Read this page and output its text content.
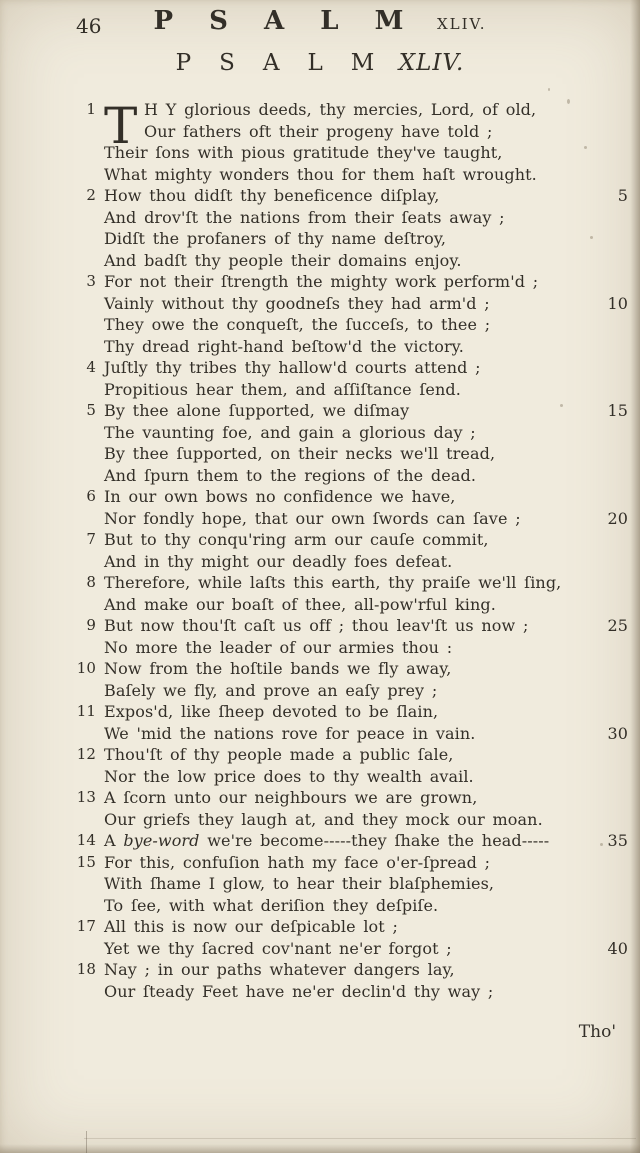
46	P S A L M XLIV.
P S A L M XLIV.
T
1	H Y glorious deeds, thy mercies, Lord, of old,
Our fathers oft their progeny have told ;
Their ſons with pious gratitude they've taught,
What mighty wonders thou for them haſt wrought.
2 How thou didſt thy beneficence diſplay,	5
And drov'ſt the nations from their ſeats away ;
Didſt the profaners of thy name deſtroy,
And badſt thy people their domains enjoy.
3 For not their ſtrength the mighty work perform'd ;
Vainly without thy goodneſs they had arm'd ;	10
They owe the conqueſt, the ſucceſs, to thee ;
Thy dread right-hand beſtow'd the victory.
4 Juſtly thy tribes thy hallow'd courts attend ;
Propitious hear them, and aſſiſtance ſend.
5 By thee alone ſupported, we diſmay	15
The vaunting foe, and gain a glorious day ;
By thee ſupported, on their necks we'll tread,
And ſpurn them to the regions of the dead.
6 In our own bows no confidence we have,
Nor fondly hope, that our own ſwords can ſave ;	20
7 But to thy conqu'ring arm our cauſe commit,
And in thy might our deadly foes defeat.
8 Therefore, while laſts this earth, thy praiſe we'll ſing,
And make our boaſt of thee, all-pow'rful king.
9 But now thou'ſt caſt us off ; thou leav'ſt us now ;	25
No more the leader of our armies thou :
10 Now from the hoſtile bands we fly away,
Baſely we fly, and prove an eaſy prey ;
11 Expos'd, like ſheep devoted to be ſlain,
We 'mid the nations rove for peace in vain.	30
12 Thou'ſt of thy people made a public ſale,
Nor the low price does to thy wealth avail.
13 A ſcorn unto our neighbours we are grown,
Our griefs they laugh at, and they mock our moan.
14 A bye-word we're become-----they ſhake the head-----	35
15 For this, confuſion hath my face o'er-ſpread ;
With ſhame I glow, to hear their blaſphemies,
To ſee, with what deriſion they deſpiſe.
17 All this is now our deſpicable lot ;
Yet we thy ſacred cov'nant ne'er forgot ;	40
18 Nay ; in our paths whatever dangers lay,
Our ſteady Feet have ne'er declin'd thy way ;
Tho'
